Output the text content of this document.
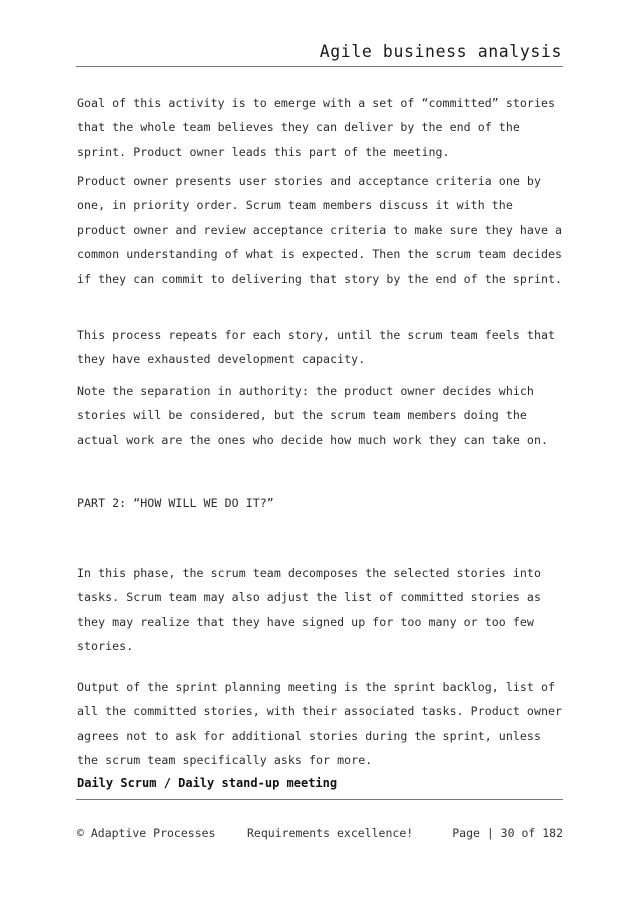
Agile business analysis

Goal of this activity is to emerge with a set of “committed” stories that the whole team believes they can deliver by the end of the sprint. Product owner leads this part of the meeting.

Product owner presents user stories and acceptance criteria one by one, in priority order. Scrum team members discuss it with the product owner and review acceptance criteria to make sure they have a common understanding of what is expected. Then the scrum team decides if they can commit to delivering that story by the end of the sprint.

This process repeats for each story, until the scrum team feels that they have exhausted development capacity.

Note the separation in authority: the product owner decides which stories will be considered, but the scrum team members doing the actual work are the ones who decide how much work they can take on.

PART 2: “HOW WILL WE DO IT?”

In this phase, the scrum team decomposes the selected stories into tasks. Scrum team may also adjust the list of committed stories as they may realize that they have signed up for too many or too few stories.

Output of the sprint planning meeting is the sprint backlog, list of all the committed stories, with their associated tasks. Product owner agrees not to ask for additional stories during the sprint, unless the scrum team specifically asks for more.

Daily Scrum / Daily stand-up meeting
© Adaptive Processes	Requirements excellence!	Page | 30 of 182
